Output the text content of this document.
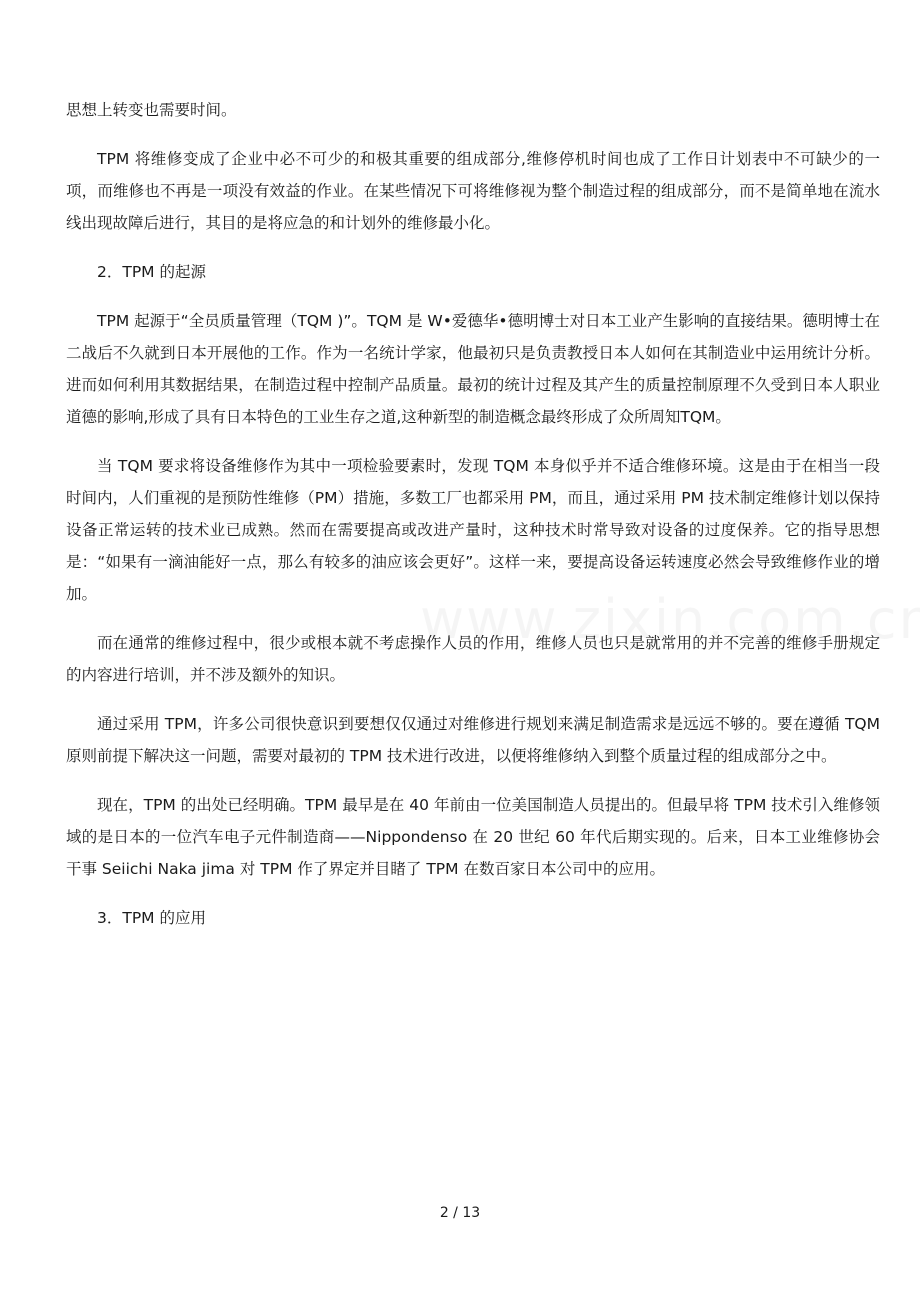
思想上转变也需要时间。

TPM 将维修变成了企业中必不可少的和极其重要的组成部分,维修停机时间也成了工作日计划表中不可缺少的一项，而维修也不再是一项没有效益的作业。在某些情况下可将维修视为整个制造过程的组成部分，而不是简单地在流水线出现故障后进行，其目的是将应急的和计划外的维修最小化。

2．TPM 的起源

TPM 起源于“全员质量管理（TQM )”。TQM 是 W•爱德华•德明博士对日本工业产生影响的直接结果。德明博士在二战后不久就到日本开展他的工作。作为一名统计学家，他最初只是负责教授日本人如何在其制造业中运用统计分析。进而如何利用其数据结果，在制造过程中控制产品质量。最初的统计过程及其产生的质量控制原理不久受到日本人职业道德的影响,形成了具有日本特色的工业生存之道,这种新型的制造概念最终形成了众所周知TQM。

当 TQM 要求将设备维修作为其中一项检验要素时，发现 TQM 本身似乎并不适合维修环境。这是由于在相当一段时间内，人们重视的是预防性维修（PM）措施，多数工厂也都采用 PM，而且，通过采用 PM 技术制定维修计划以保持设备正常运转的技术业已成熟。然而在需要提高或改进产量时，这种技术时常导致对设备的过度保养。它的指导思想是：“如果有一滴油能好一点，那么有较多的油应该会更好”。这样一来，要提高设备运转速度必然会导致维修作业的增加。

而在通常的维修过程中，很少或根本就不考虑操作人员的作用，维修人员也只是就常用的并不完善的维修手册规定的内容进行培训，并不涉及额外的知识。

通过采用 TPM，许多公司很快意识到要想仅仅通过对维修进行规划来满足制造需求是远远不够的。要在遵循 TQM 原则前提下解决这一问题，需要对最初的 TPM 技术进行改进，以便将维修纳入到整个质量过程的组成部分之中。

现在，TPM 的出处已经明确。TPM 最早是在 40 年前由一位美国制造人员提出的。但最早将 TPM 技术引入维修领域的是日本的一位汽车电子元件制造商——Nippondenso 在 20 世纪 60 年代后期实现的。后来，日本工业维修协会干事 Seiichi Naka jima 对 TPM 作了界定并目睹了 TPM 在数百家日本公司中的应用。

3．TPM 的应用

2 / 13
